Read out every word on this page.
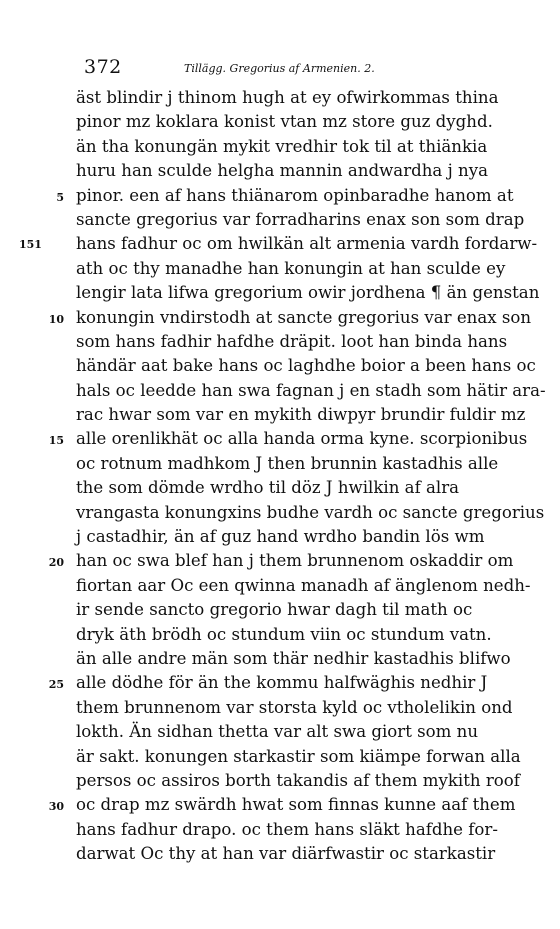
372	Tillägg. Gregorius af Armenien. 2.
äst blindir j thinom hugh at ey ofwirkommas thina
pinor mz koklara konist vtan mz store guz dyghd.
än tha konungän mykit vredhir tok til at thiänkia
huru han sculde helgha mannin andwardha j nya
5 pinor. een af hans thiänarom opinbaradhe hanom at
sancte gregorius var forradharins enax son som drap
151 hans fadhur oc om hwilkän alt armenia vardh fordarw-
ath oc thy manadhe han konungin at han sculde ey
lengir lata lifwa gregorium owir jordhena ¶ än genstan
10 konungin vndirstodh at sancte gregorius var enax son
som hans fadhir hafdhe dräpit. loot han binda hans
händär aat bake hans oc laghdhe boior a been hans oc
hals oc leedde han swa fagnan j en stadh som hätir ara-
rac hwar som var en mykith diwpyr brundir fuldir mz
15 alle orenlikhät oc alla handa orma kyne. scorpionibus
oc rotnum madhkom J then brunnin kastadhis alle
the som dömde wrdho til döz J hwilkin af alra
vrangasta konungxins budhe vardh oc sancte gregorius
j castadhir, än af guz hand wrdho bandin lös wm
20 han oc swa blef han j them brunnenom oskaddir om
fiortan aar Oc een qwinna manadh af änglenom nedh-
ir sende sancto gregorio hwar dagh til math oc
dryk äth brödh oc stundum viin oc stundum vatn.
än alle andre män som thär nedhir kastadhis blifwo
25 alle dödhe för än the kommu halfwäghis nedhir J
them brunnenom var storsta kyld oc vtholelikin ond
lokth. Än sidhan thetta var alt swa giort som nu
är sakt. konungen starkastir som kiämpe forwan alla
persos oc assiros borth takandis af them mykith roof
30 oc drap mz swärdh hwat som finnas kunne aaf them
hans fadhur drapo. oc them hans släkt hafdhe for-
darwat Oc thy at han var diärfwastir oc starkastir
